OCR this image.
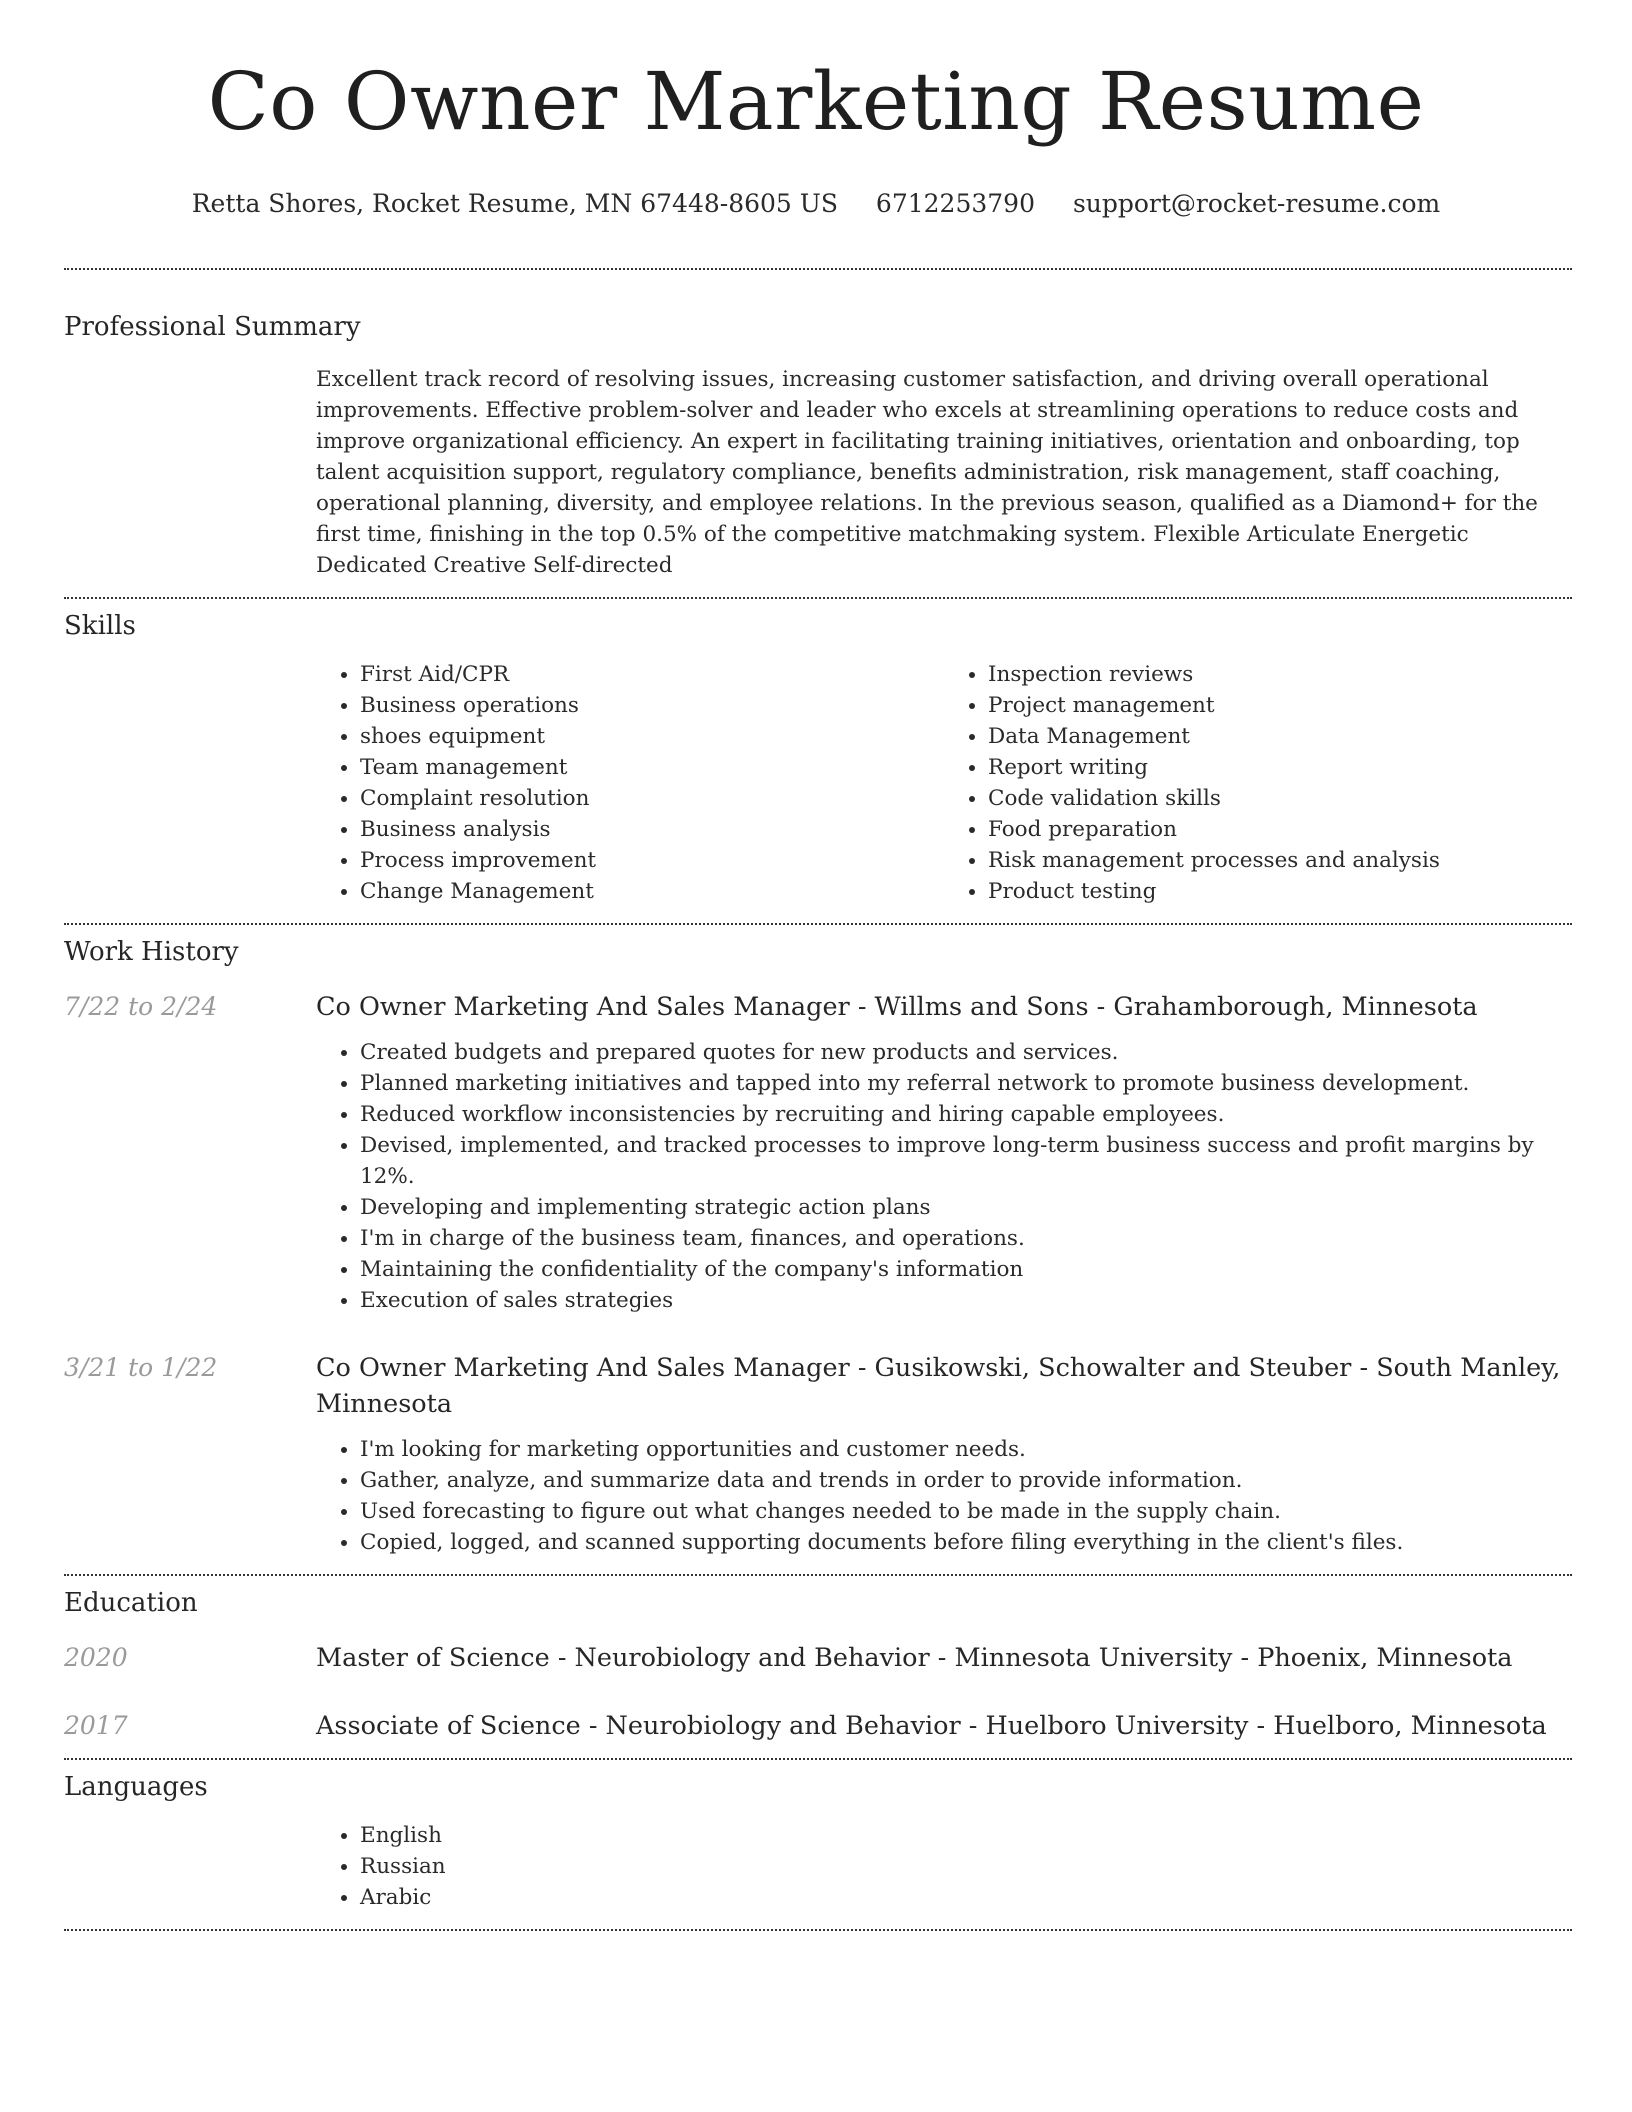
Co Owner Marketing Resume
Retta Shores, Rocket Resume, MN 67448-8605 US 6712253790 support@rocket-resume.com
Professional Summary
Excellent track record of resolving issues, increasing customer satisfaction, and driving overall operational improvements. Effective problem-solver and leader who excels at streamlining operations to reduce costs and improve organizational efficiency. An expert in facilitating training initiatives, orientation and onboarding, top talent acquisition support, regulatory compliance, benefits administration, risk management, staff coaching, operational planning, diversity, and employee relations. In the previous season, qualified as a Diamond+ for the first time, finishing in the top 0.5% of the competitive matchmaking system. Flexible Articulate Energetic Dedicated Creative Self-directed
Skills
• First Aid/CPR
• Business operations
• shoes equipment
• Team management
• Complaint resolution
• Business analysis
• Process improvement
• Change Management
• Inspection reviews
• Project management
• Data Management
• Report writing
• Code validation skills
• Food preparation
• Risk management processes and analysis
• Product testing
Work History
7/22 to 2/24	Co Owner Marketing And Sales Manager - Willms and Sons - Grahamborough, Minnesota
• Created budgets and prepared quotes for new products and services.
• Planned marketing initiatives and tapped into my referral network to promote business development.
• Reduced workflow inconsistencies by recruiting and hiring capable employees.
• Devised, implemented, and tracked processes to improve long-term business success and profit margins by 12%.
• Developing and implementing strategic action plans
• I'm in charge of the business team, finances, and operations.
• Maintaining the confidentiality of the company's information
• Execution of sales strategies
3/21 to 1/22	Co Owner Marketing And Sales Manager - Gusikowski, Schowalter and Steuber - South Manley, Minnesota
• I'm looking for marketing opportunities and customer needs.
• Gather, analyze, and summarize data and trends in order to provide information.
• Used forecasting to figure out what changes needed to be made in the supply chain.
• Copied, logged, and scanned supporting documents before filing everything in the client's files.
Education
2020	Master of Science - Neurobiology and Behavior - Minnesota University - Phoenix, Minnesota
2017	Associate of Science - Neurobiology and Behavior - Huelboro University - Huelboro, Minnesota
Languages
• English
• Russian
• Arabic
